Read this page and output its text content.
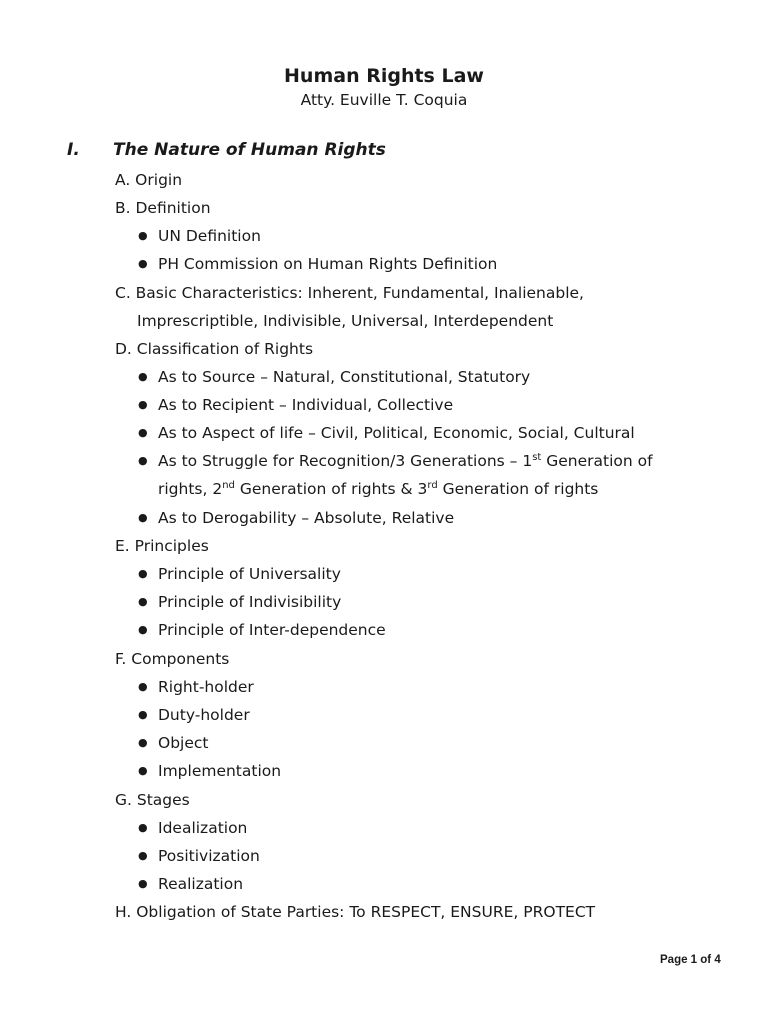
Human Rights Law
Atty. Euville T. Coquia
I. The Nature of Human Rights
A. Origin
B. Definition
● UN Definition
● PH Commission on Human Rights Definition
C. Basic Characteristics: Inherent, Fundamental, Inalienable,
Imprescriptible, Indivisible, Universal, Interdependent
D. Classification of Rights
● As to Source – Natural, Constitutional, Statutory
● As to Recipient – Individual, Collective
● As to Aspect of life – Civil, Political, Economic, Social, Cultural
● As to Struggle for Recognition/3 Generations – 1st Generation of
rights, 2nd Generation of rights & 3rd Generation of rights
● As to Derogability – Absolute, Relative
E. Principles
● Principle of Universality
● Principle of Indivisibility
● Principle of Inter-dependence
F. Components
● Right-holder
● Duty-holder
● Object
● Implementation
G. Stages
● Idealization
● Positivization
● Realization
H. Obligation of State Parties: To RESPECT, ENSURE, PROTECT
Page 1 of 4
